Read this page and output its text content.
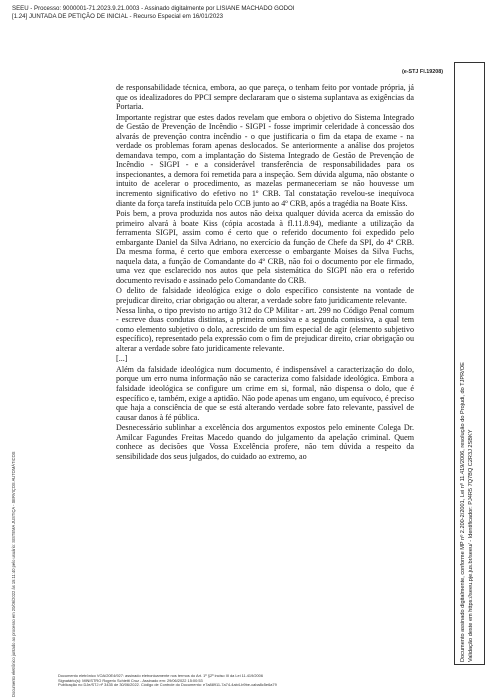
SEEU - Processo: 9000001-71.2023.9.21.0003 - Assinado digitalmente por LISIANE MACHADO GODOI
[1.24] JUNTADA DE PETIÇÃO DE INICIAL - Recurso Especial em 16/01/2023
(e-STJ Fl.19208)

de responsabilidade técnica, embora, ao que pareça, o tenham feito por vontade própria, já que os idealizadores do PPCI sempre declararam que o sistema suplantava as exigências da Portaria.

Importante registrar que estes dados revelam que embora o objetivo do Sistema Integrado de Gestão de Prevenção de Incêndio - SIGPI - fosse imprimir celeridade à concessão dos alvarás de prevenção contra incêndio - o que justificaria o fim da etapa de exame - na verdade os problemas foram apenas deslocados. Se anteriormente a análise dos projetos demandava tempo, com a implantação do Sistema Integrado de Gestão de Prevenção de Incêndio - SIGPI - e a considerável transferência de responsabilidades para os inspecionantes, a demora foi remetida para a inspeção. Sem dúvida alguma, não obstante o intuito de acelerar o procedimento, as mazelas permaneceriam se não houvesse um incremento significativo do efetivo no 1º CRB. Tal constatação revelou-se inequívoca diante da força tarefa instituída pelo CCB junto ao 4º CRB, após a tragédia na Boate Kiss.

Pois bem, a prova produzida nos autos não deixa qualquer dúvida acerca da emissão do primeiro alvará à boate Kiss (cópia acostada à fl.11.8.94), mediante a utilização da ferramenta SIGPI, assim como é certo que o referido documento foi expedido pelo embargante Daniel da Silva Adriano, no exercício da função de Chefe da SPI, do 4º CRB. Da mesma forma, é certo que embora exercesse o embargante Moises da Silva Fuchs, naquela data, a função de Comandante do 4º CRB, não foi o documento por ele firmado, uma vez que esclarecido nos autos que pela sistemática do SIGPI não era o referido documento revisado e assinado pelo Comandante do CRB.

O delito de falsidade ideológica exige o dolo específico consistente na vontade de prejudicar direito, criar obrigação ou alterar, a verdade sobre fato juridicamente relevante.

Nessa linha, o tipo previsto no artigo 312 do CP Militar - art. 299 no Código Penal comum - escreve duas condutas distintas, a primeira omissiva e a segunda comissiva, a qual tem como elemento subjetivo o dolo, acrescido de um fim especial de agir (elemento subjetivo específico), representado pela expressão com o fim de prejudicar direito, criar obrigação ou alterar a verdade sobre fato juridicamente relevante.

[...]

Além da falsidade ideológica num documento, é indispensável a caracterização do dolo, porque um erro numa informação não se caracteriza como falsidade ideológica. Embora a falsidade ideológica se configure um crime em si, formal, não dispensa o dolo, que é específico e, também, exige a aptidão. Não pode apenas um engano, um equívoco, é preciso que haja a consciência de que se está alterando verdade sobre fato relevante, passível de causar danos à fé pública.

Desnecessário sublinhar a excelência dos argumentos expostos pelo eminente Colega Dr. Amilcar Fagundes Freitas Macedo quando do julgamento da apelação criminal. Quem conhece as decisões que Vossa Excelência profere, não tem dúvida a respeito da sensibilidade dos seus julgados, do cuidado ao extremo, ao

Documento eletrônico juntado ao processo em 20/06/2022 às 15:11:40 pelo usuário: SISTEMA JUSTIÇA - SERVIÇOS AUTOMÁTICOS	Documento assinado digitalmente, conforme MP nº 2.200-2/2001, Lei nº 11.419/2006, resolução do Projudi, do TJPR/OE Validação deste em https://seeu.pje.jus.br/seeu/ - Identificador: PJ4R5 7Q7BQ C2R3J 2SBKY
Documento eletrônico VOA/20E4/927: assinado eletronicamente nos termos do Art. 1º §2º inciso III da Lei 11.419/2006
Signatário(s): MINISTRO Rogerio Schietti Cruz - Assinado em: 29/06/2022 15:00:53
Publicação no DJe/STJ nº 3435 de 30/06/2022. Código de Controle do Documento: e7a88911-7a74-4ab4-b9be-caba8c5e6a79
